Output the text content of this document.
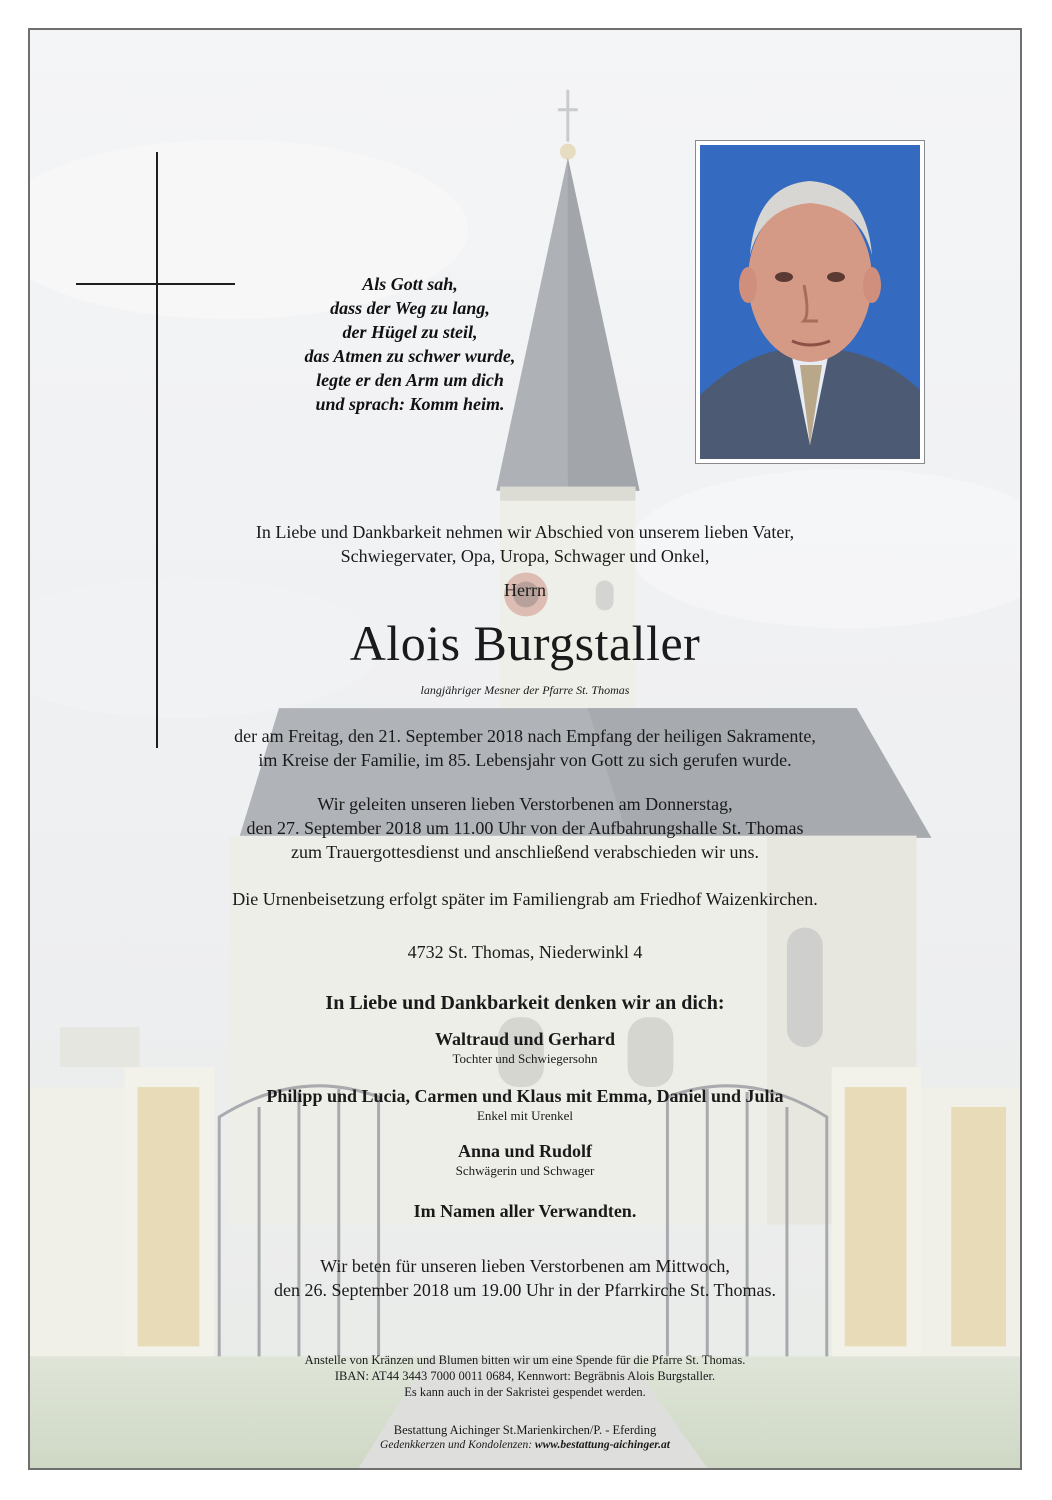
Als Gott sah,
dass der Weg zu lang,
der Hügel zu steil,
das Atmen zu schwer wurde,
legte er den Arm um dich
und sprach: Komm heim.
In Liebe und Dankbarkeit nehmen wir Abschied von unserem lieben Vater,
Schwiegervater, Opa, Uropa, Schwager und Onkel,
Herrn
Alois Burgstaller
langjähriger Mesner der Pfarre St. Thomas
der am Freitag, den 21. September 2018 nach Empfang der heiligen Sakramente,
im Kreise der Familie, im 85. Lebensjahr von Gott zu sich gerufen wurde.
Wir geleiten unseren lieben Verstorbenen am Donnerstag,
den 27. September 2018 um 11.00 Uhr von der Aufbahrungshalle St. Thomas
zum Trauergottesdienst und anschließend verabschieden wir uns.
Die Urnenbeisetzung erfolgt später im Familiengrab am Friedhof Waizenkirchen.
4732 St. Thomas, Niederwinkl 4
In Liebe und Dankbarkeit denken wir an dich:
Waltraud und Gerhard
Tochter und Schwiegersohn
Philipp und Lucia, Carmen und Klaus mit Emma, Daniel und Julia
Enkel mit Urenkel
Anna und Rudolf
Schwägerin und Schwager
Im Namen aller Verwandten.
Wir beten für unseren lieben Verstorbenen am Mittwoch,
den 26. September 2018 um 19.00 Uhr in der Pfarrkirche St. Thomas.
Anstelle von Kränzen und Blumen bitten wir um eine Spende für die Pfarre St. Thomas.
IBAN: AT44 3443 7000 0011 0684, Kennwort: Begräbnis Alois Burgstaller.
Es kann auch in der Sakristei gespendet werden.
Bestattung Aichinger St.Marienkirchen/P. - Eferding
Gedenkkerzen und Kondolenzen: www.bestattung-aichinger.at
